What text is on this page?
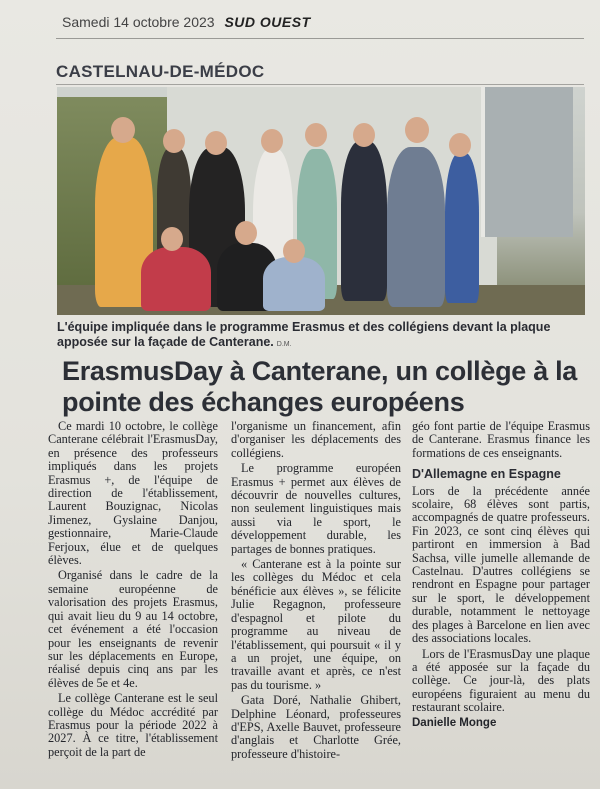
Samedi 14 octobre 2023 SUD OUEST
CASTELNAU-DE-MÉDOC
L'équipe impliquée dans le programme Erasmus et des collégiens devant la plaque apposée sur la façade de Canterane. D.M.
ErasmusDay à Canterane, un collège à la pointe des échanges européens

Ce mardi 10 octobre, le collège Canterane célébrait l'ErasmusDay, en présence des professeurs impliqués dans les projets Erasmus +, de l'équipe de direction de l'établissement, Laurent Bouzignac, Nicolas Jimenez, Gyslaine Danjou, gestionnaire, Marie-Claude Ferjoux, élue et de quelques élèves.

Organisé dans le cadre de la semaine européenne de valorisation des projets Erasmus, qui avait lieu du 9 au 14 octobre, cet événement a été l'occasion pour les enseignants de revenir sur les déplacements en Europe, réalisé depuis cinq ans par les élèves de 5e et 4e.

Le collège Canterane est le seul collège du Médoc accrédité par Erasmus pour la période 2022 à 2027. À ce titre, l'établissement perçoit de la part de

l'organisme un financement, afin d'organiser les déplacements des collégiens.

Le programme européen Erasmus + permet aux élèves de découvrir de nouvelles cultures, non seulement linguistiques mais aussi via le sport, le développement durable, les partages de bonnes pratiques.

« Canterane est à la pointe sur les collèges du Médoc et cela bénéficie aux élèves », se félicite Julie Regagnon, professeure d'espagnol et pilote du programme au niveau de l'établissement, qui poursuit « il y a un projet, une équipe, on travaille avant et après, ce n'est pas du tourisme. »

Gata Doré, Nathalie Ghibert, Delphine Léonard, professeures d'EPS, Axelle Bauvet, professeure d'anglais et Charlotte Grée, professeure d'histoire-

géo font partie de l'équipe Erasmus de Canterane. Erasmus finance les formations de ces enseignants.

D'Allemagne en Espagne

Lors de la précédente année scolaire, 68 élèves sont partis, accompagnés de quatre professeurs. Fin 2023, ce sont cinq élèves qui partiront en immersion à Bad Sachsa, ville jumelle allemande de Castelnau. D'autres collégiens se rendront en Espagne pour partager sur le sport, le développement durable, notamment le nettoyage des plages à Barcelone en lien avec des associations locales.

Lors de l'ErasmusDay une plaque a été apposée sur la façade du collège. Ce jour-là, des plats européens figuraient au menu du restaurant scolaire.

Danielle Monge
